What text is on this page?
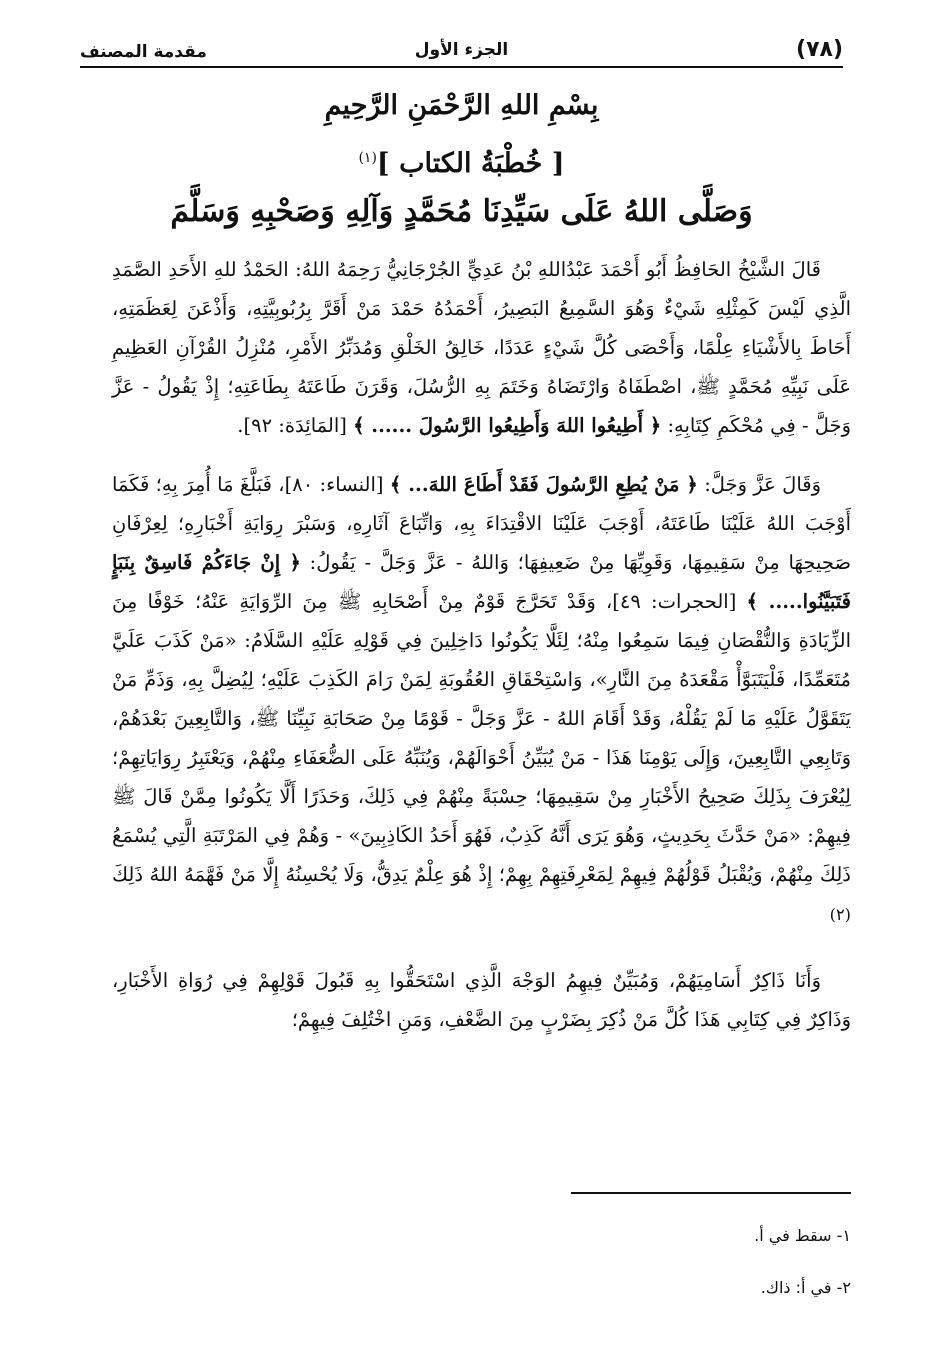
(٧٨)
الجزء الأول
مقدمة المصنف
بِسْمِ اللهِ الرَّحْمَنِ الرَّحِيمِ
[ خُطْبَةُ الكتاب ]$^{(١)}$
وَصَلَّى اللهُ عَلَى سَيِّدِنَا مُحَمَّدٍ وَآلِهِ وَصَحْبِهِ وَسَلَّمَ

قَالَ الشَّيْخُ الحَافِظُ أَبُو أَحْمَدَ عَبْدُاللهِ بْنُ عَدِيٍّ الجُرْجَانِيُّ رَحِمَهُ اللهُ: الحَمْدُ للهِ الأَحَدِ الصَّمَدِ الَّذِي لَيْسَ كَمِثْلِهِ شَيْءٌ وَهُوَ السَّمِيعُ البَصِيرُ، أَحْمَدُهُ حَمْدَ مَنْ أَقَرَّ بِرُبُوبِيَّتِهِ، وَأَذْعَنَ لِعَظَمَتِهِ، أَحَاطَ بِالأَشْيَاءِ عِلْمًا، وَأَحْصَى كُلَّ شَيْءٍ عَدَدًا، خَالِقُ الخَلْقِ وَمُدَبِّرُ الأَمْرِ، مُنْزِلُ القُرْآنِ العَظِيمِ عَلَى نَبِيِّهِ مُحَمَّدٍ ﷺ، اصْطَفَاهُ وَارْتَضَاهُ وَخَتَمَ بِهِ الرُّسُلَ، وَقَرَنَ طَاعَتَهُ بِطَاعَتِهِ؛ إِذْ يَقُولُ - عَزَّ وَجَلَّ - فِي مُحْكَمِ كِتَابِهِ: ﴿ أَطِيعُوا اللهَ وَأَطِيعُوا الرَّسُولَ ...... ﴾ [المَائِدَة: ٩٢].

وَقَالَ عَزَّ وَجَلَّ: ﴿ مَنْ يُطِعِ الرَّسُولَ فَقَدْ أَطَاعَ اللهَ... ﴾ [النساء: ٨٠]، فَبَلَّغَ مَا أُمِرَ بِهِ؛ فَكَمَا أَوْجَبَ اللهُ عَلَيْنَا طَاعَتَهُ، أَوْجَبَ عَلَيْنَا الاقْتِدَاءَ بِهِ، وَاتِّبَاعَ آثَارِهِ، وَسَبْرَ رِوَايَةِ أَخْبَارِهِ؛ لِعِرْفَانِ صَحِيحِهَا مِنْ سَقِيمِهَا، وَقَوِيِّهَا مِنْ ضَعِيفِهَا؛ وَاللهُ - عَزَّ وَجَلَّ - يَقُولُ: ﴿ إِنْ جَاءَكُمْ فَاسِقٌ بِنَبَإٍ فَتَبَيَّنُوا..... ﴾ [الحجرات: ٤٩]، وَقَدْ تَحَرَّجَ قَوْمٌ مِنْ أَصْحَابِهِ ﷺ مِنَ الرِّوَايَةِ عَنْهُ؛ خَوْفًا مِنَ الزِّيَادَةِ وَالنُّقْصَانِ فِيمَا سَمِعُوا مِنْهُ؛ لِئَلَّا يَكُونُوا دَاخِلِينَ فِي قَوْلِهِ عَلَيْهِ السَّلَامُ: «مَنْ كَذَبَ عَلَيَّ مُتَعَمِّدًا، فَلْيَتَبَوَّأْ مَقْعَدَهُ مِنَ النَّارِ»، وَاسْتِحْقَاقِ العُقُوبَةِ لِمَنْ رَامَ الكَذِبَ عَلَيْهِ؛ لِيُضِلَّ بِهِ، وَذَمِّ مَنْ يَتَقَوَّلُ عَلَيْهِ مَا لَمْ يَقُلْهُ، وَقَدْ أَقَامَ اللهُ - عَزَّ وَجَلَّ - قَوْمًا مِنْ صَحَابَةِ نَبِيِّنَا ﷺ، وَالتَّابِعِينَ بَعْدَهُمْ، وَتَابِعِي التَّابِعِينَ، وَإِلَى يَوْمِنَا هَذَا - مَنْ يُبَيِّنُ أَحْوَالَهُمْ، وَيُنَبِّهُ عَلَى الضُّعَفَاءِ مِنْهُمْ، وَيَعْتَبِرُ رِوَايَاتِهِمْ؛ لِيُعْرَفَ بِذَلِكَ صَحِيحُ الأَخْبَارِ مِنْ سَقِيمِهَا؛ حِسْبَةً مِنْهُمْ فِي ذَلِكَ، وَحَذَرًا أَلَّا يَكُونُوا مِمَّنْ قَالَ ﷺ فِيهِمْ: «مَنْ حَدَّثَ بِحَدِيثٍ، وَهُوَ يَرَى أَنَّهُ كَذِبٌ، فَهُوَ أَحَدُ الكَاذِبِينَ» - وَهُمْ فِي المَرْتَبَةِ الَّتِي يُسْمَعُ ذَلِكَ مِنْهُمْ، وَيُقْبَلُ قَوْلُهُمْ فِيهِمْ لِمَعْرِفَتِهِمْ بِهِمْ؛ إِذْ هُوَ عِلْمٌ يَدِقُّ، وَلَا يُحْسِنُهُ إِلَّا مَنْ فَهَّمَهُ اللهُ ذَلِكَ $^{(٢)}$

وَأَنَا ذَاكِرٌ أَسَامِيَهُمْ، وَمُبَيِّنٌ فِيهِمُ الوَجْهَ الَّذِي اسْتَحَقُّوا بِهِ قَبُولَ قَوْلِهِمْ فِي رُوَاةِ الأَخْبَارِ، وَذَاكِرٌ فِي كِتَابِي هَذَا كُلَّ مَنْ ذُكِرَ بِضَرْبٍ مِنَ الضَّعْفِ، وَمَنِ اخْتُلِفَ فِيهِمْ؛

١- سقط في أ.
٢- في أ: ذاك.
